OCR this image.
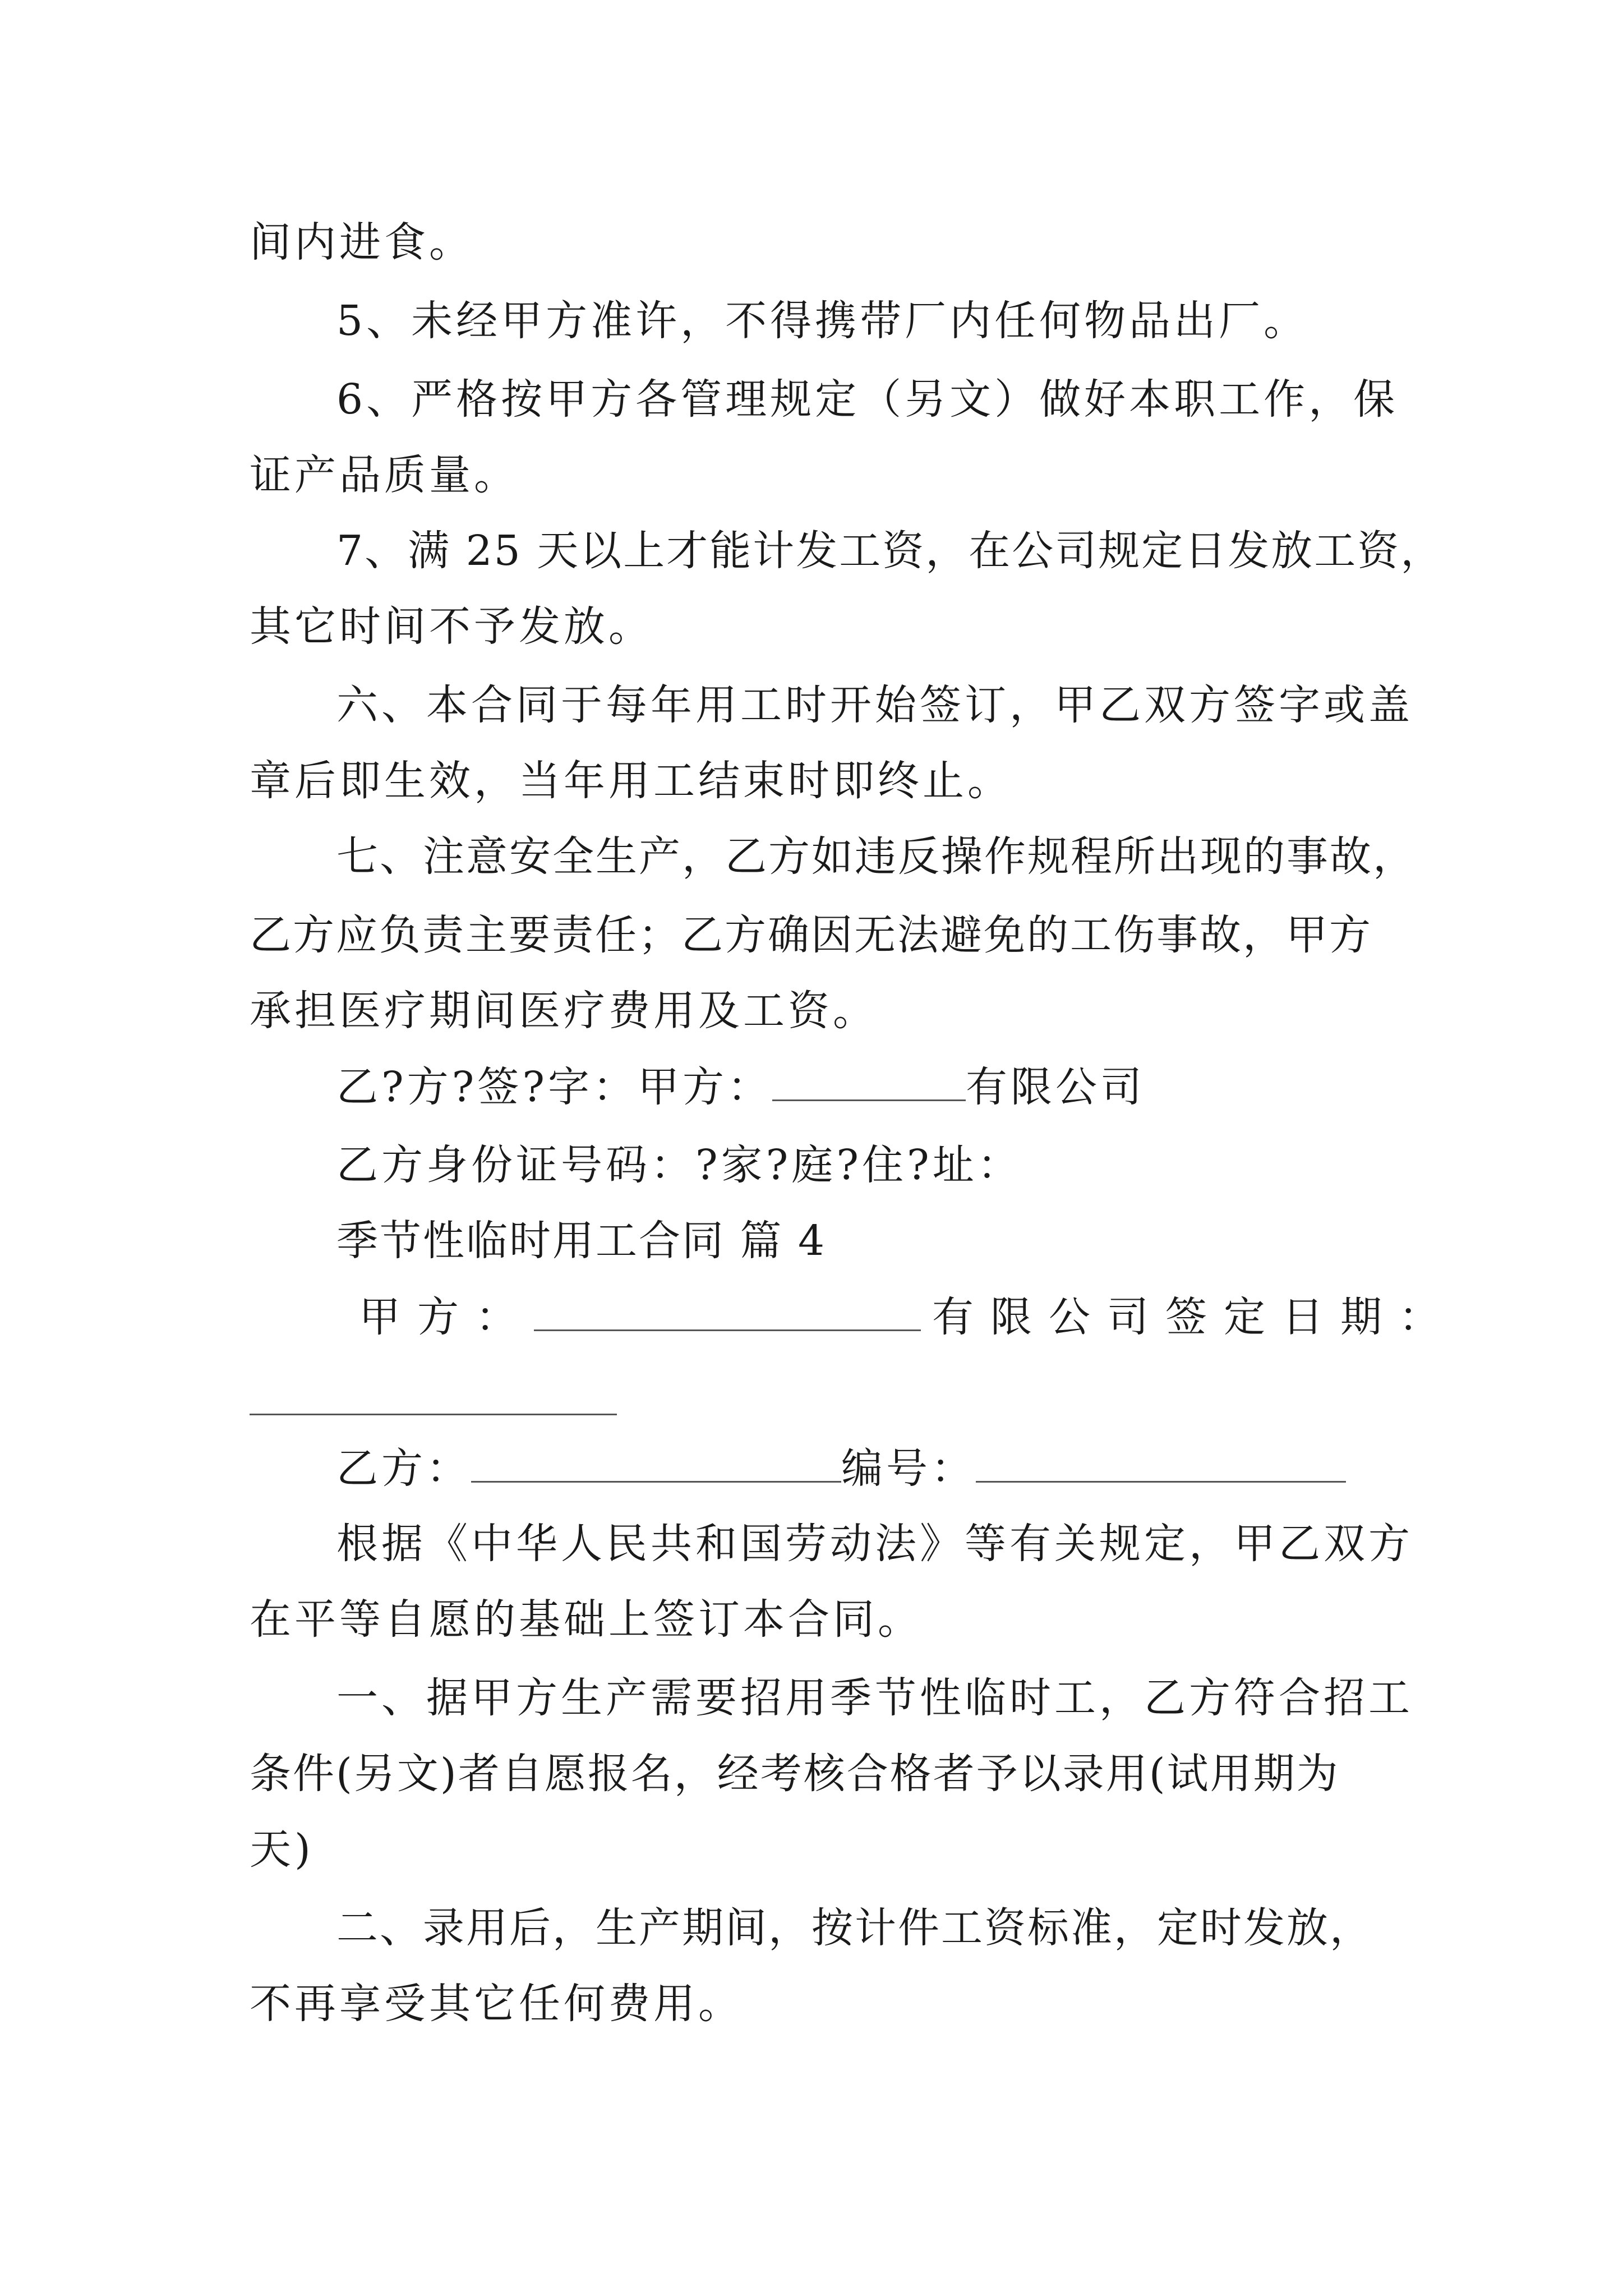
间内进食。
5、未经甲方准许，不得携带厂内任何物品出厂。
6、严格按甲方各管理规定（另文）做好本职工作，保
证产品质量。
7、满 25 天以上才能计发工资，在公司规定日发放工资，
其它时间不予发放。
六、本合同于每年用工时开始签订，甲乙双方签字或盖
章后即生效，当年用工结束时即终止。
七、注意安全生产，乙方如违反操作规程所出现的事故，
乙方应负责主要责任；乙方确因无法避免的工伤事故，甲方
承担医疗期间医疗费用及工资。
乙?方?签?字：甲方：	有限公司
乙方身份证号码：?家?庭?住?址：
季节性临时用工合同 篇 4
甲方：	有限公司签定日期：
乙方：	编号：
根据《中华人民共和国劳动法》等有关规定，甲乙双方
在平等自愿的基础上签订本合同。
一、据甲方生产需要招用季节性临时工，乙方符合招工
条件(另文)者自愿报名，经考核合格者予以录用(试用期为
天)
二、录用后，生产期间，按计件工资标准，定时发放，
不再享受其它任何费用。
